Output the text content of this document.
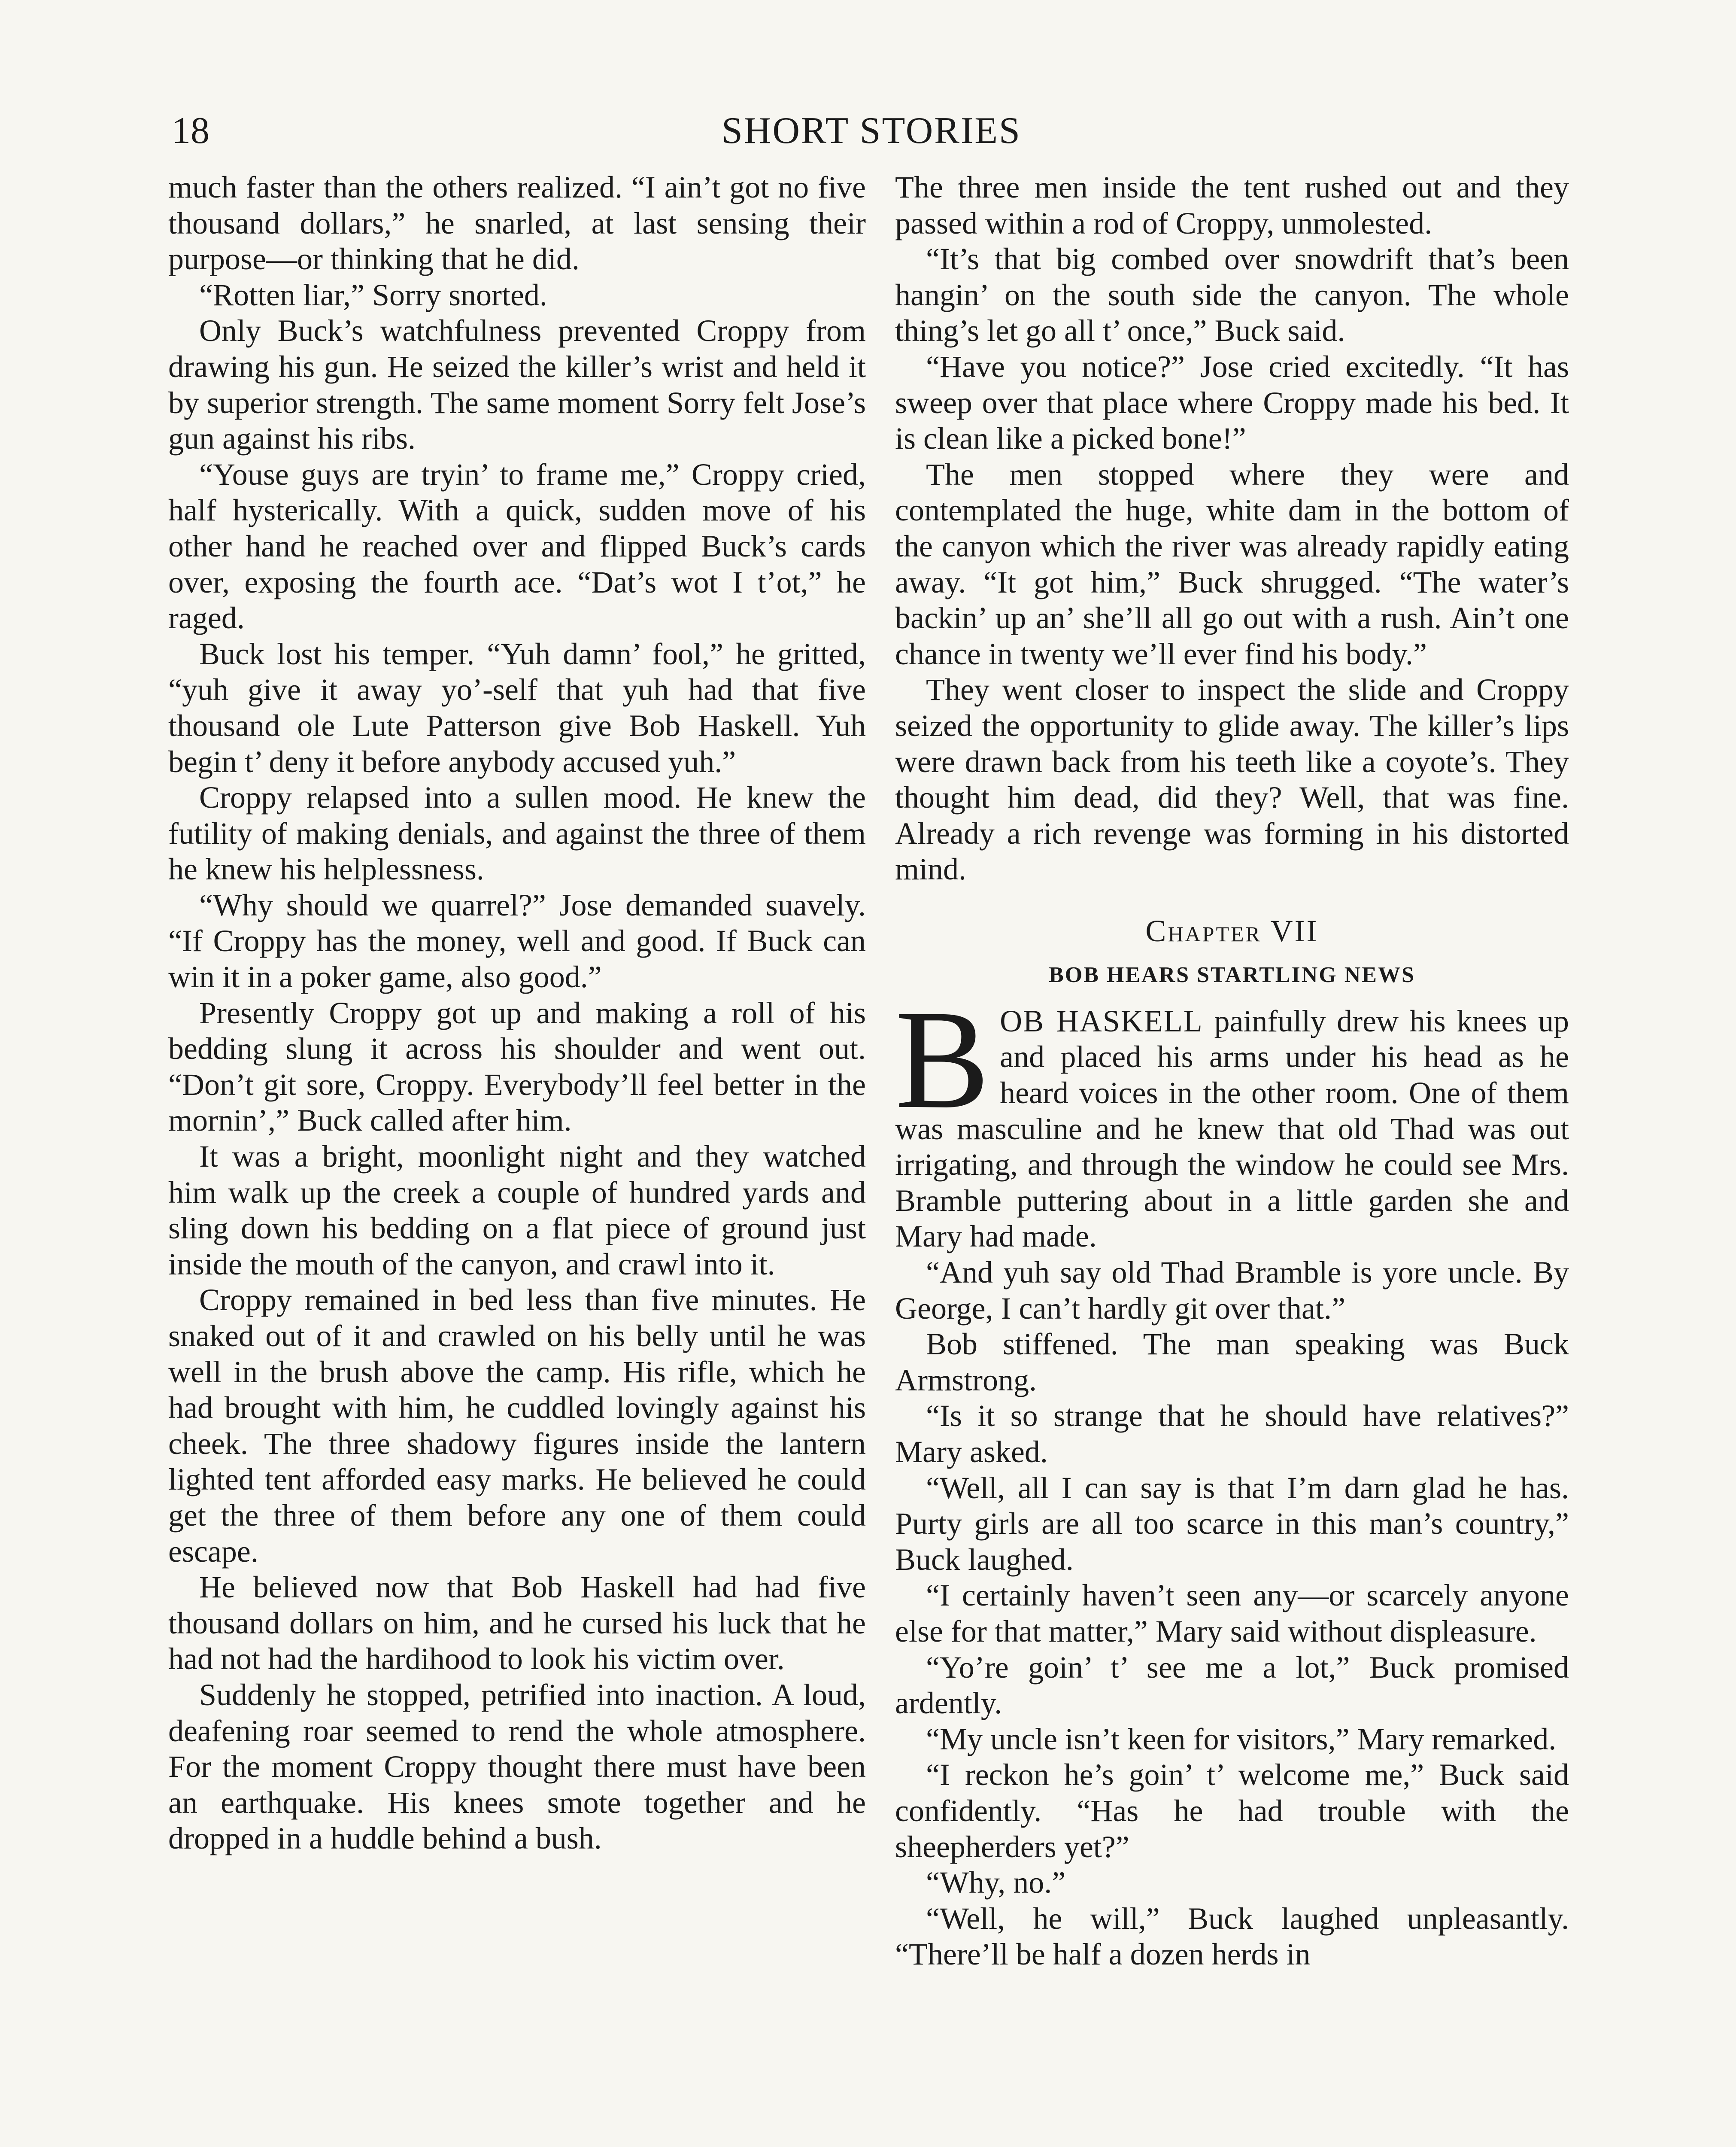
18	SHORT STORIES

much faster than the others realized. “I ain’t got no five thousand dollars,” he snarled, at last sensing their purpose—or thinking that he did.

“Rotten liar,” Sorry snorted.

Only Buck’s watchfulness prevented Croppy from drawing his gun. He seized the killer’s wrist and held it by superior strength. The same moment Sorry felt Jose’s gun against his ribs.

“Youse guys are tryin’ to frame me,” Croppy cried, half hysterically. With a quick, sudden move of his other hand he reached over and flipped Buck’s cards over, exposing the fourth ace. “Dat’s wot I t’ot,” he raged.

Buck lost his temper. “Yuh damn’ fool,” he gritted, “yuh give it away yo’-self that yuh had that five thousand ole Lute Patterson give Bob Haskell. Yuh begin t’ deny it before anybody accused yuh.”

Croppy relapsed into a sullen mood. He knew the futility of making denials, and against the three of them he knew his helplessness.

“Why should we quarrel?” Jose demanded suavely. “If Croppy has the money, well and good. If Buck can win it in a poker game, also good.”

Presently Croppy got up and making a roll of his bedding slung it across his shoulder and went out. “Don’t git sore, Croppy. Everybody’ll feel better in the mornin’,” Buck called after him.

It was a bright, moonlight night and they watched him walk up the creek a couple of hundred yards and sling down his bedding on a flat piece of ground just inside the mouth of the canyon, and crawl into it.

Croppy remained in bed less than five minutes. He snaked out of it and crawled on his belly until he was well in the brush above the camp. His rifle, which he had brought with him, he cuddled lovingly against his cheek. The three shadowy figures inside the lantern lighted tent afforded easy marks. He believed he could get the three of them before any one of them could escape.

He believed now that Bob Haskell had had five thousand dollars on him, and he cursed his luck that he had not had the hardihood to look his victim over.

Suddenly he stopped, petrified into inaction. A loud, deafening roar seemed to rend the whole atmosphere. For the moment Croppy thought there must have been an earthquake. His knees smote together and he dropped in a huddle behind a bush.

The three men inside the tent rushed out and they passed within a rod of Croppy, unmolested.

“It’s that big combed over snowdrift that’s been hangin’ on the south side the canyon. The whole thing’s let go all t’ once,” Buck said.

“Have you notice?” Jose cried excitedly. “It has sweep over that place where Croppy made his bed. It is clean like a picked bone!”

The men stopped where they were and contemplated the huge, white dam in the bottom of the canyon which the river was already rapidly eating away. “It got him,” Buck shrugged. “The water’s backin’ up an’ she’ll all go out with a rush. Ain’t one chance in twenty we’ll ever find his body.”

They went closer to inspect the slide and Croppy seized the opportunity to glide away. The killer’s lips were drawn back from his teeth like a coyote’s. They thought him dead, did they? Well, that was fine. Already a rich revenge was forming in his distorted mind.

Chapter VII
BOB HEARS STARTLING NEWS

BOB HASKELL painfully drew his knees up and placed his arms under his head as he heard voices in the other room. One of them was masculine and he knew that old Thad was out irrigating, and through the window he could see Mrs. Bramble puttering about in a little garden she and Mary had made.

“And yuh say old Thad Bramble is yore uncle. By George, I can’t hardly git over that.”

Bob stiffened. The man speaking was Buck Armstrong.

“Is it so strange that he should have relatives?” Mary asked.

“Well, all I can say is that I’m darn glad he has. Purty girls are all too scarce in this man’s country,” Buck laughed.

“I certainly haven’t seen any—or scarcely anyone else for that matter,” Mary said without displeasure.

“Yo’re goin’ t’ see me a lot,” Buck promised ardently.

“My uncle isn’t keen for visitors,” Mary remarked.

“I reckon he’s goin’ t’ welcome me,” Buck said confidently. “Has he had trouble with the sheepherders yet?”

“Why, no.”

“Well, he will,” Buck laughed unpleasantly. “There’ll be half a dozen herds in
